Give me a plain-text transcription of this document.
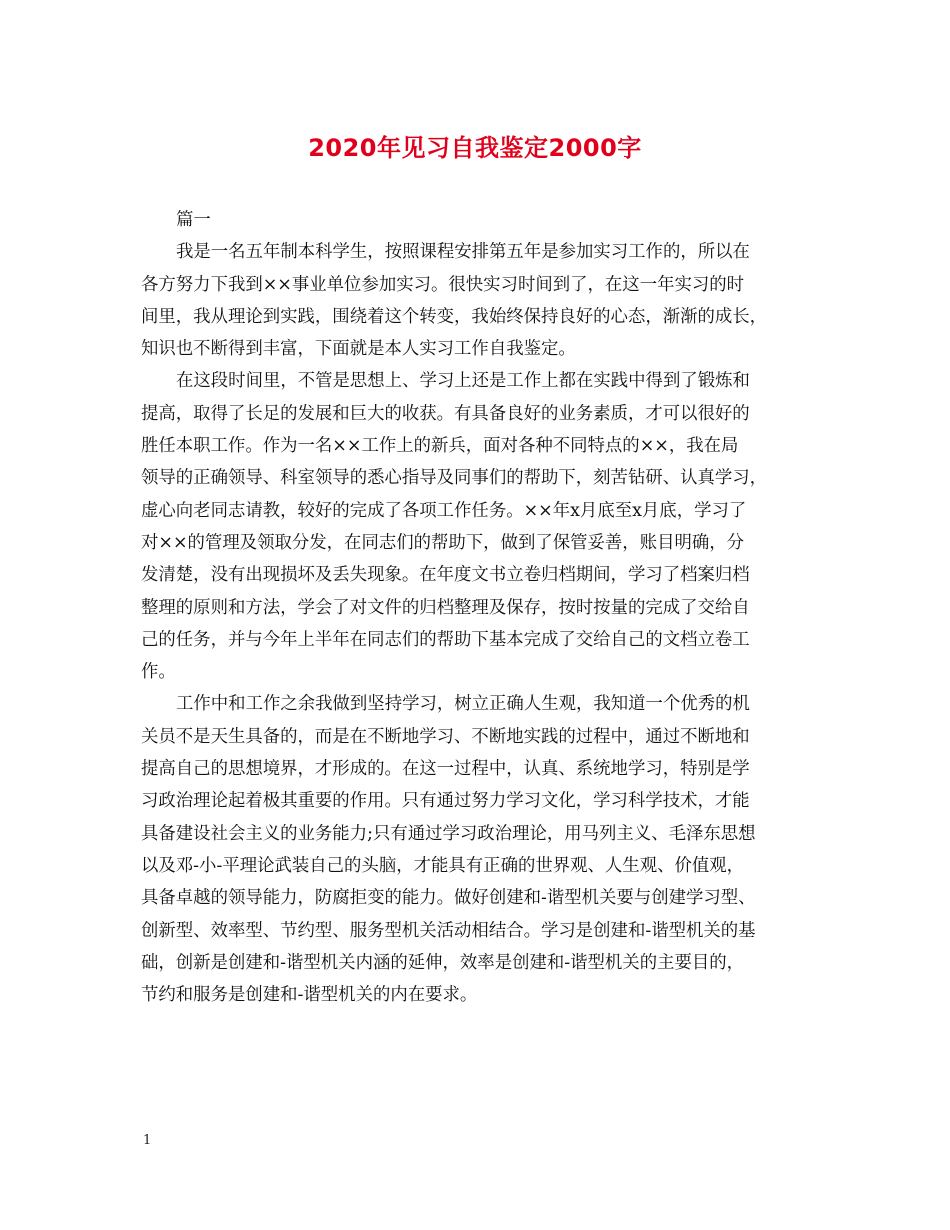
2020年见习自我鉴定2000字
篇一
我是一名五年制本科学生，按照课程安排第五年是参加实习工作的，所以在
各方努力下我到××事业单位参加实习。很快实习时间到了，在这一年实习的时
间里，我从理论到实践，围绕着这个转变，我始终保持良好的心态，渐渐的成长，
知识也不断得到丰富，下面就是本人实习工作自我鉴定。
在这段时间里，不管是思想上、学习上还是工作上都在实践中得到了锻炼和
提高，取得了长足的发展和巨大的收获。有具备良好的业务素质，才可以很好的
胜任本职工作。作为一名××工作上的新兵，面对各种不同特点的××，我在局
领导的正确领导、科室领导的悉心指导及同事们的帮助下，刻苦钻研、认真学习，
虚心向老同志请教，较好的完成了各项工作任务。××年x月底至x月底，学习了
对××的管理及领取分发，在同志们的帮助下，做到了保管妥善，账目明确，分
发清楚，没有出现损坏及丢失现象。在年度文书立卷归档期间，学习了档案归档
整理的原则和方法，学会了对文件的归档整理及保存，按时按量的完成了交给自
己的任务，并与今年上半年在同志们的帮助下基本完成了交给自己的文档立卷工
作。
工作中和工作之余我做到坚持学习，树立正确人生观，我知道一个优秀的机
关员不是天生具备的，而是在不断地学习、不断地实践的过程中，通过不断地和
提高自己的思想境界，才形成的。在这一过程中，认真、系统地学习，特别是学
习政治理论起着极其重要的作用。只有通过努力学习文化，学习科学技术，才能
具备建设社会主义的业务能力;只有通过学习政治理论，用马列主义、毛泽东思想
以及邓-小-平理论武装自己的头脑，才能具有正确的世界观、人生观、价值观，
具备卓越的领导能力，防腐拒变的能力。做好创建和-谐型机关要与创建学习型、
创新型、效率型、节约型、服务型机关活动相结合。学习是创建和-谐型机关的基
础，创新是创建和-谐型机关内涵的延伸，效率是创建和-谐型机关的主要目的，
节约和服务是创建和-谐型机关的内在要求。
1
